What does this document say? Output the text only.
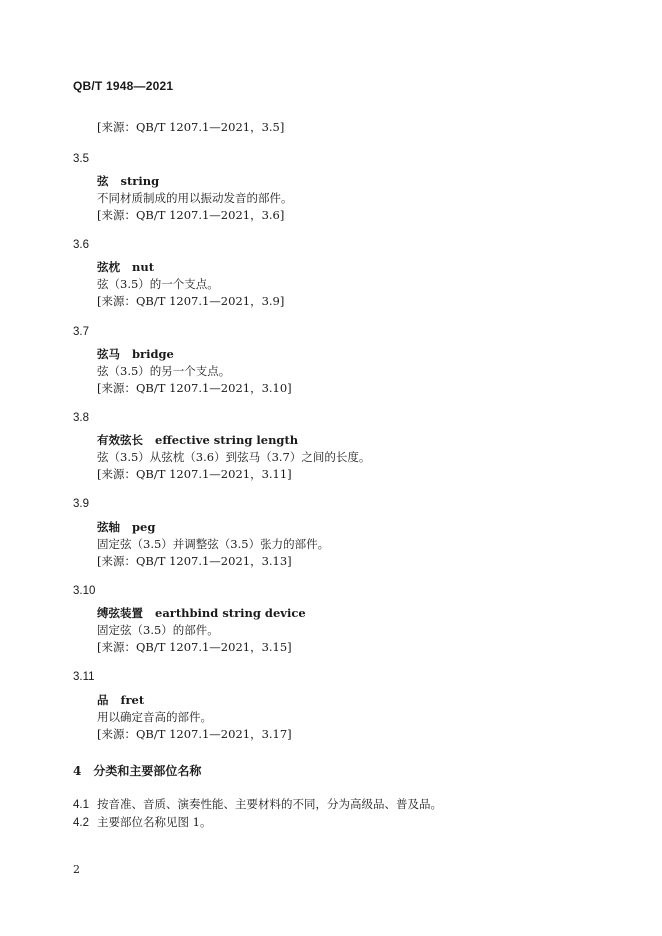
QB/T 1948—2021
[来源：QB/T 1207.1—2021，3.5]
3.5
弦 string
不同材质制成的用以振动发音的部件。
[来源：QB/T 1207.1—2021，3.6]
3.6
弦枕 nut
弦（3.5）的一个支点。
[来源：QB/T 1207.1—2021，3.9]
3.7
弦马 bridge
弦（3.5）的另一个支点。
[来源：QB/T 1207.1—2021，3.10]
3.8
有效弦长 effective string length
弦（3.5）从弦枕（3.6）到弦马（3.7）之间的长度。
[来源：QB/T 1207.1—2021，3.11]
3.9
弦轴 peg
固定弦（3.5）并调整弦（3.5）张力的部件。
[来源：QB/T 1207.1—2021，3.13]
3.10
缚弦装置 earthbind string device
固定弦（3.5）的部件。
[来源：QB/T 1207.1—2021，3.15]
3.11
品 fret
用以确定音高的部件。
[来源：QB/T 1207.1—2021，3.17]
4 分类和主要部位名称
4.1 按音准、音质、演奏性能、主要材料的不同，分为高级品、普及品。
4.2 主要部位名称见图 1。
2
